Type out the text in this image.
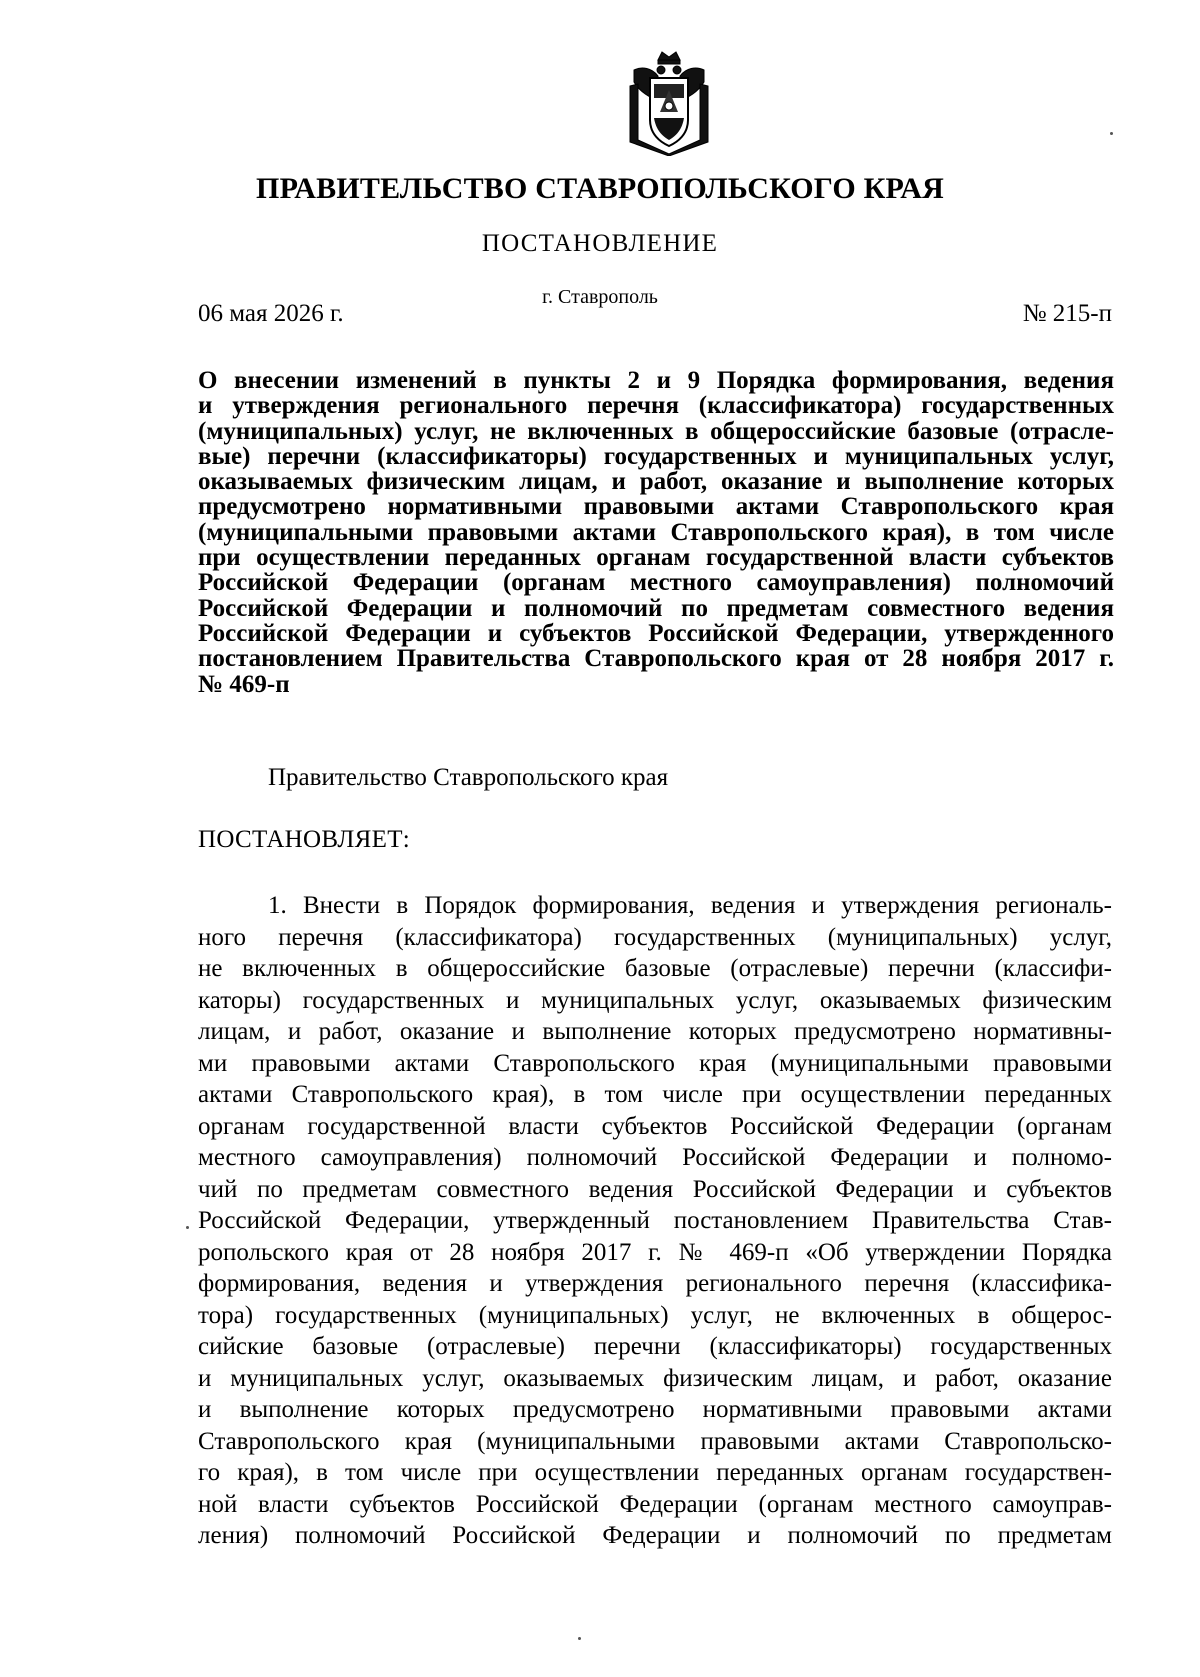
ПРАВИТЕЛЬСТВО СТАВРОПОЛЬСКОГО КРАЯ
ПОСТАНОВЛЕНИЕ
06 мая 2026 г.
г. Ставрополь
№ 215-п
О внесении изменений в пункты 2 и 9 Порядка формирования, ведения
и утверждения регионального перечня (классификатора) государственных
(муниципальных) услуг, не включенных в общероссийские базовые (отрасле-
вые) перечни (классификаторы) государственных и муниципальных услуг,
оказываемых физическим лицам, и работ, оказание и выполнение которых
предусмотрено нормативными правовыми актами Ставропольского края
(муниципальными правовыми актами Ставропольского края), в том числе
при осуществлении переданных органам государственной власти субъектов
Российской Федерации (органам местного самоуправления) полномочий
Российской Федерации и полномочий по предметам совместного ведения
Российской Федерации и субъектов Российской Федерации, утвержденного
постановлением Правительства Ставропольского края от 28 ноября 2017 г.
№ 469-п
Правительство Ставропольского края
ПОСТАНОВЛЯЕТ:
1. Внести в Порядок формирования, ведения и утверждения региональ-
ного перечня (классификатора) государственных (муниципальных) услуг,
не включенных в общероссийские базовые (отраслевые) перечни (классифи-
каторы) государственных и муниципальных услуг, оказываемых физическим
лицам, и работ, оказание и выполнение которых предусмотрено нормативны-
ми правовыми актами Ставропольского края (муниципальными правовыми
актами Ставропольского края), в том числе при осуществлении переданных
органам государственной власти субъектов Российской Федерации (органам
местного самоуправления) полномочий Российской Федерации и полномо-
чий по предметам совместного ведения Российской Федерации и субъектов
Российской Федерации, утвержденный постановлением Правительства Став-
ропольского края от 28 ноября 2017 г. № 469-п «Об утверждении Порядка
формирования, ведения и утверждения регионального перечня (классифика-
тора) государственных (муниципальных) услуг, не включенных в общерос-
сийские базовые (отраслевые) перечни (классификаторы) государственных
и муниципальных услуг, оказываемых физическим лицам, и работ, оказание
и выполнение которых предусмотрено нормативными правовыми актами
Ставропольского края (муниципальными правовыми актами Ставропольско-
го края), в том числе при осуществлении переданных органам государствен-
ной власти субъектов Российской Федерации (органам местного самоуправ-
ления) полномочий Российской Федерации и полномочий по предметам
